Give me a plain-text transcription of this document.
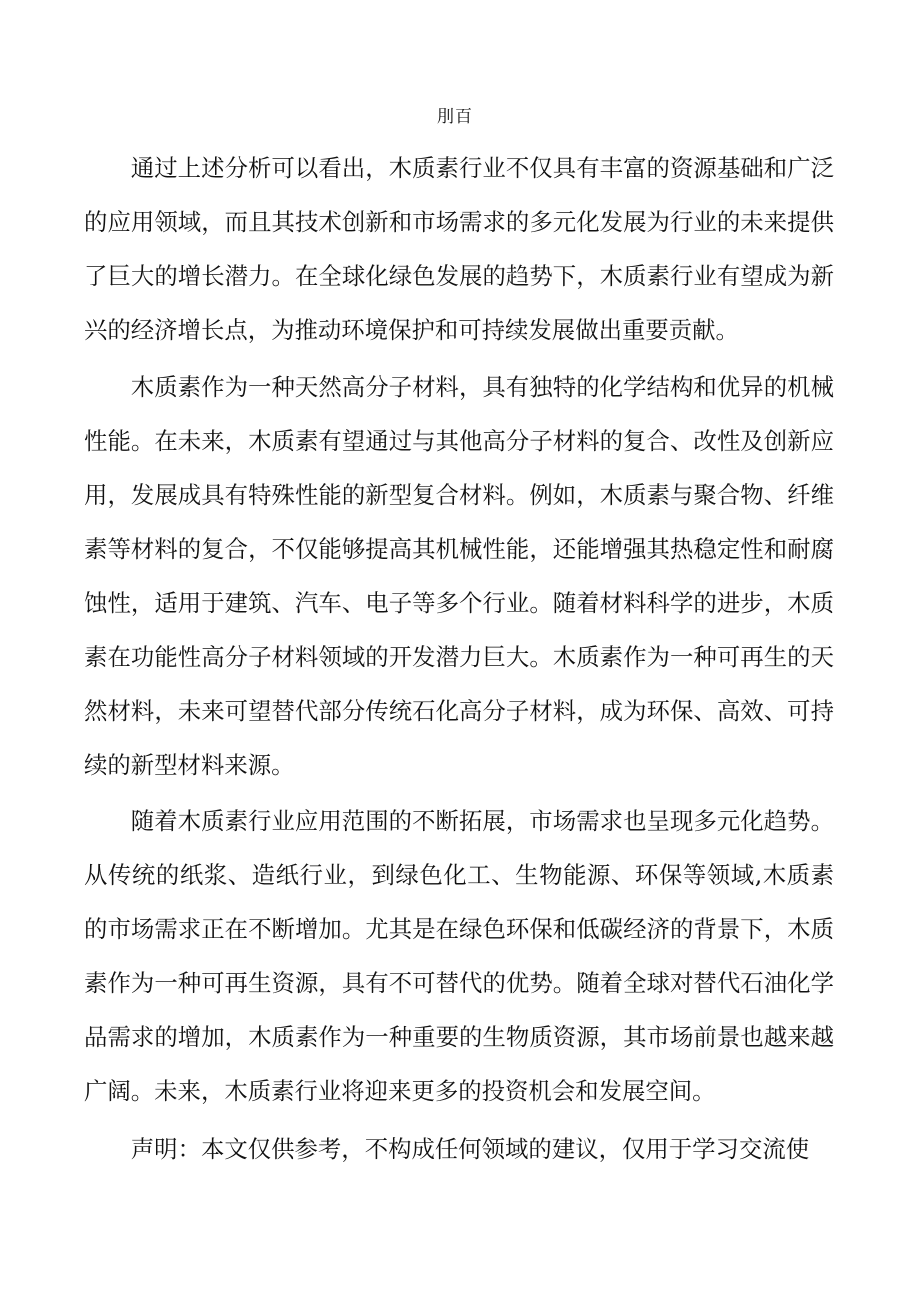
刖百

通过上述分析可以看出，木质素行业不仅具有丰富的资源基础和广泛的应用领域，而且其技术创新和市场需求的多元化发展为行业的未来提供了巨大的增长潜力。在全球化绿色发展的趋势下，木质素行业有望成为新兴的经济增长点，为推动环境保护和可持续发展做出重要贡献。

木质素作为一种天然高分子材料，具有独特的化学结构和优异的机械性能。在未来，木质素有望通过与其他高分子材料的复合、改性及创新应用，发展成具有特殊性能的新型复合材料。例如，木质素与聚合物、纤维素等材料的复合，不仅能够提高其机械性能，还能增强其热稳定性和耐腐蚀性，适用于建筑、汽车、电子等多个行业。随着材料科学的进步，木质素在功能性高分子材料领域的开发潜力巨大。木质素作为一种可再生的天然材料，未来可望替代部分传统石化高分子材料，成为环保、高效、可持续的新型材料来源。

随着木质素行业应用范围的不断拓展，市场需求也呈现多元化趋势。从传统的纸浆、造纸行业，到绿色化工、生物能源、环保等领域,木质素的市场需求正在不断增加。尤其是在绿色环保和低碳经济的背景下，木质素作为一种可再生资源，具有不可替代的优势。随着全球对替代石油化学品需求的增加，木质素作为一种重要的生物质资源，其市场前景也越来越广阔。未来，木质素行业将迎来更多的投资机会和发展空间。

声明：本文仅供参考，不构成任何领域的建议，仅用于学习交流使
